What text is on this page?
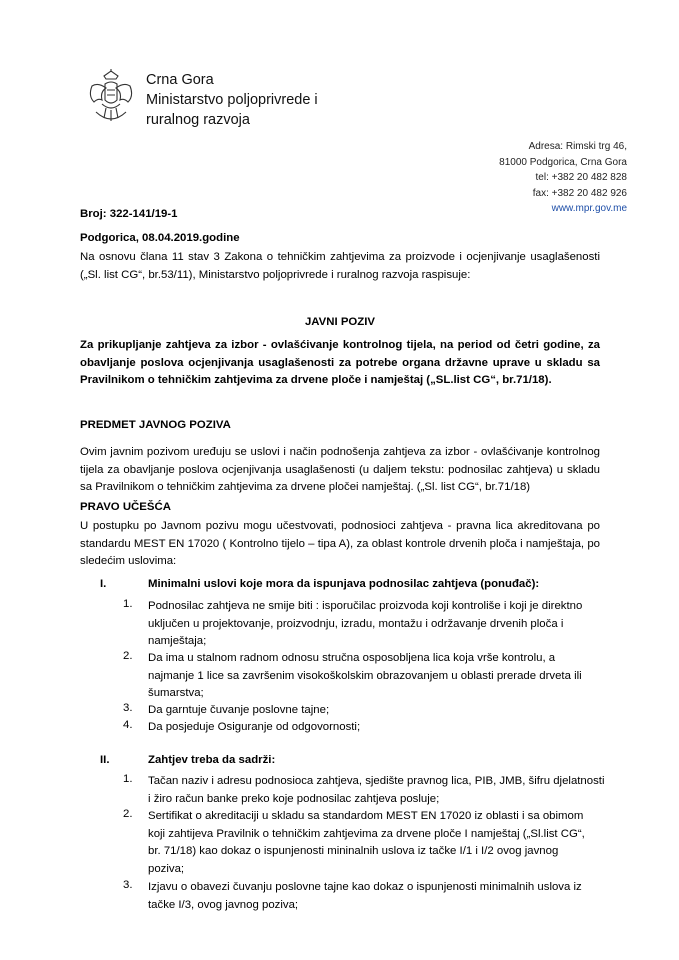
Crna Gora
Ministarstvo poljoprivrede i
ruralnog razvoja
Adresa: Rimski trg 46,
81000 Podgorica, Crna Gora
tel: +382 20 482 828
fax: +382 20 482 926
www.mpr.gov.me
Broj: 322-141/19-1
Podgorica, 08.04.2019.godine
Na osnovu člana 11 stav 3 Zakona o tehničkim zahtjevima za proizvode i ocjenjivanje usaglašenosti („Sl. list CG“, br.53/11), Ministarstvo poljoprivrede i ruralnog razvoja raspisuje:
JAVNI POZIV
Za prikupljanje zahtjeva za izbor - ovlašćivanje kontrolnog tijela, na period od četri godine, za obavljanje poslova ocjenjivanja usaglašenosti za potrebe organa državne uprave u skladu sa Pravilnikom o tehničkim zahtjevima za drvene ploče i namještaj („SL.list CG“, br.71/18).
PREDMET JAVNOG POZIVA
Ovim javnim pozivom uređuju se uslovi i način podnošenja zahtjeva za izbor - ovlašćivanje kontrolnog tijela za obavljanje poslova ocjenjivanja usaglašenosti (u daljem tekstu: podnosilac zahtjeva) u skladu sa Pravilnikom o tehničkim zahtjevima za drvene pločei namještaj. („Sl. list CG“, br.71/18)
PRAVO UČEŠĆA
U postupku po Javnom pozivu mogu učestvovati, podnosioci zahtjeva - pravna lica akreditovana po standardu MEST EN 17020 ( Kontrolno tijelo – tipa A), za oblast kontrole drvenih ploča i namještaja, po sledećim uslovima:
I.	Minimalni uslovi koje mora da ispunjava podnosilac zahtjeva (ponuđač):
1. Podnosilac zahtjeva ne smije biti : isporučilac proizvoda koji kontroliše i koji je direktno
uključen u projektovanje, proizvodnju, izradu, montažu i održavanje drvenih ploča i
namještaja;
2. Da ima u stalnom radnom odnosu stručna osposobljena lica koja vrše kontrolu, a
najmanje 1 lice sa završenim visokoškolskim obrazovanjem u oblasti prerade drveta ili
šumarstva;
3. Da garntuje čuvanje poslovne tajne;
4. Da posjeduje Osiguranje od odgovornosti;
II.	Zahtjev treba da sadrži:
1. Tačan naziv i adresu podnosioca zahtjeva, sjedište pravnog lica, PIB, JMB, šifru djelatnosti
i žiro račun banke preko koje podnosilac zahtjeva posluje;
2. Sertifikat o akreditaciji u skladu sa standardom MEST EN 17020 iz oblasti i sa obimom
koji zahtijeva Pravilnik o tehničkim zahtjevima za drvene ploče I namještaj („Sl.list CG“,
br. 71/18) kao dokaz o ispunjenosti mininalnih uslova iz tačke I/1 i I/2 ovog javnog
poziva;
3. Izjavu o obavezi čuvanju poslovne tajne kao dokaz o ispunjenosti minimalnih uslova iz
tačke I/3, ovog javnog poziva;
